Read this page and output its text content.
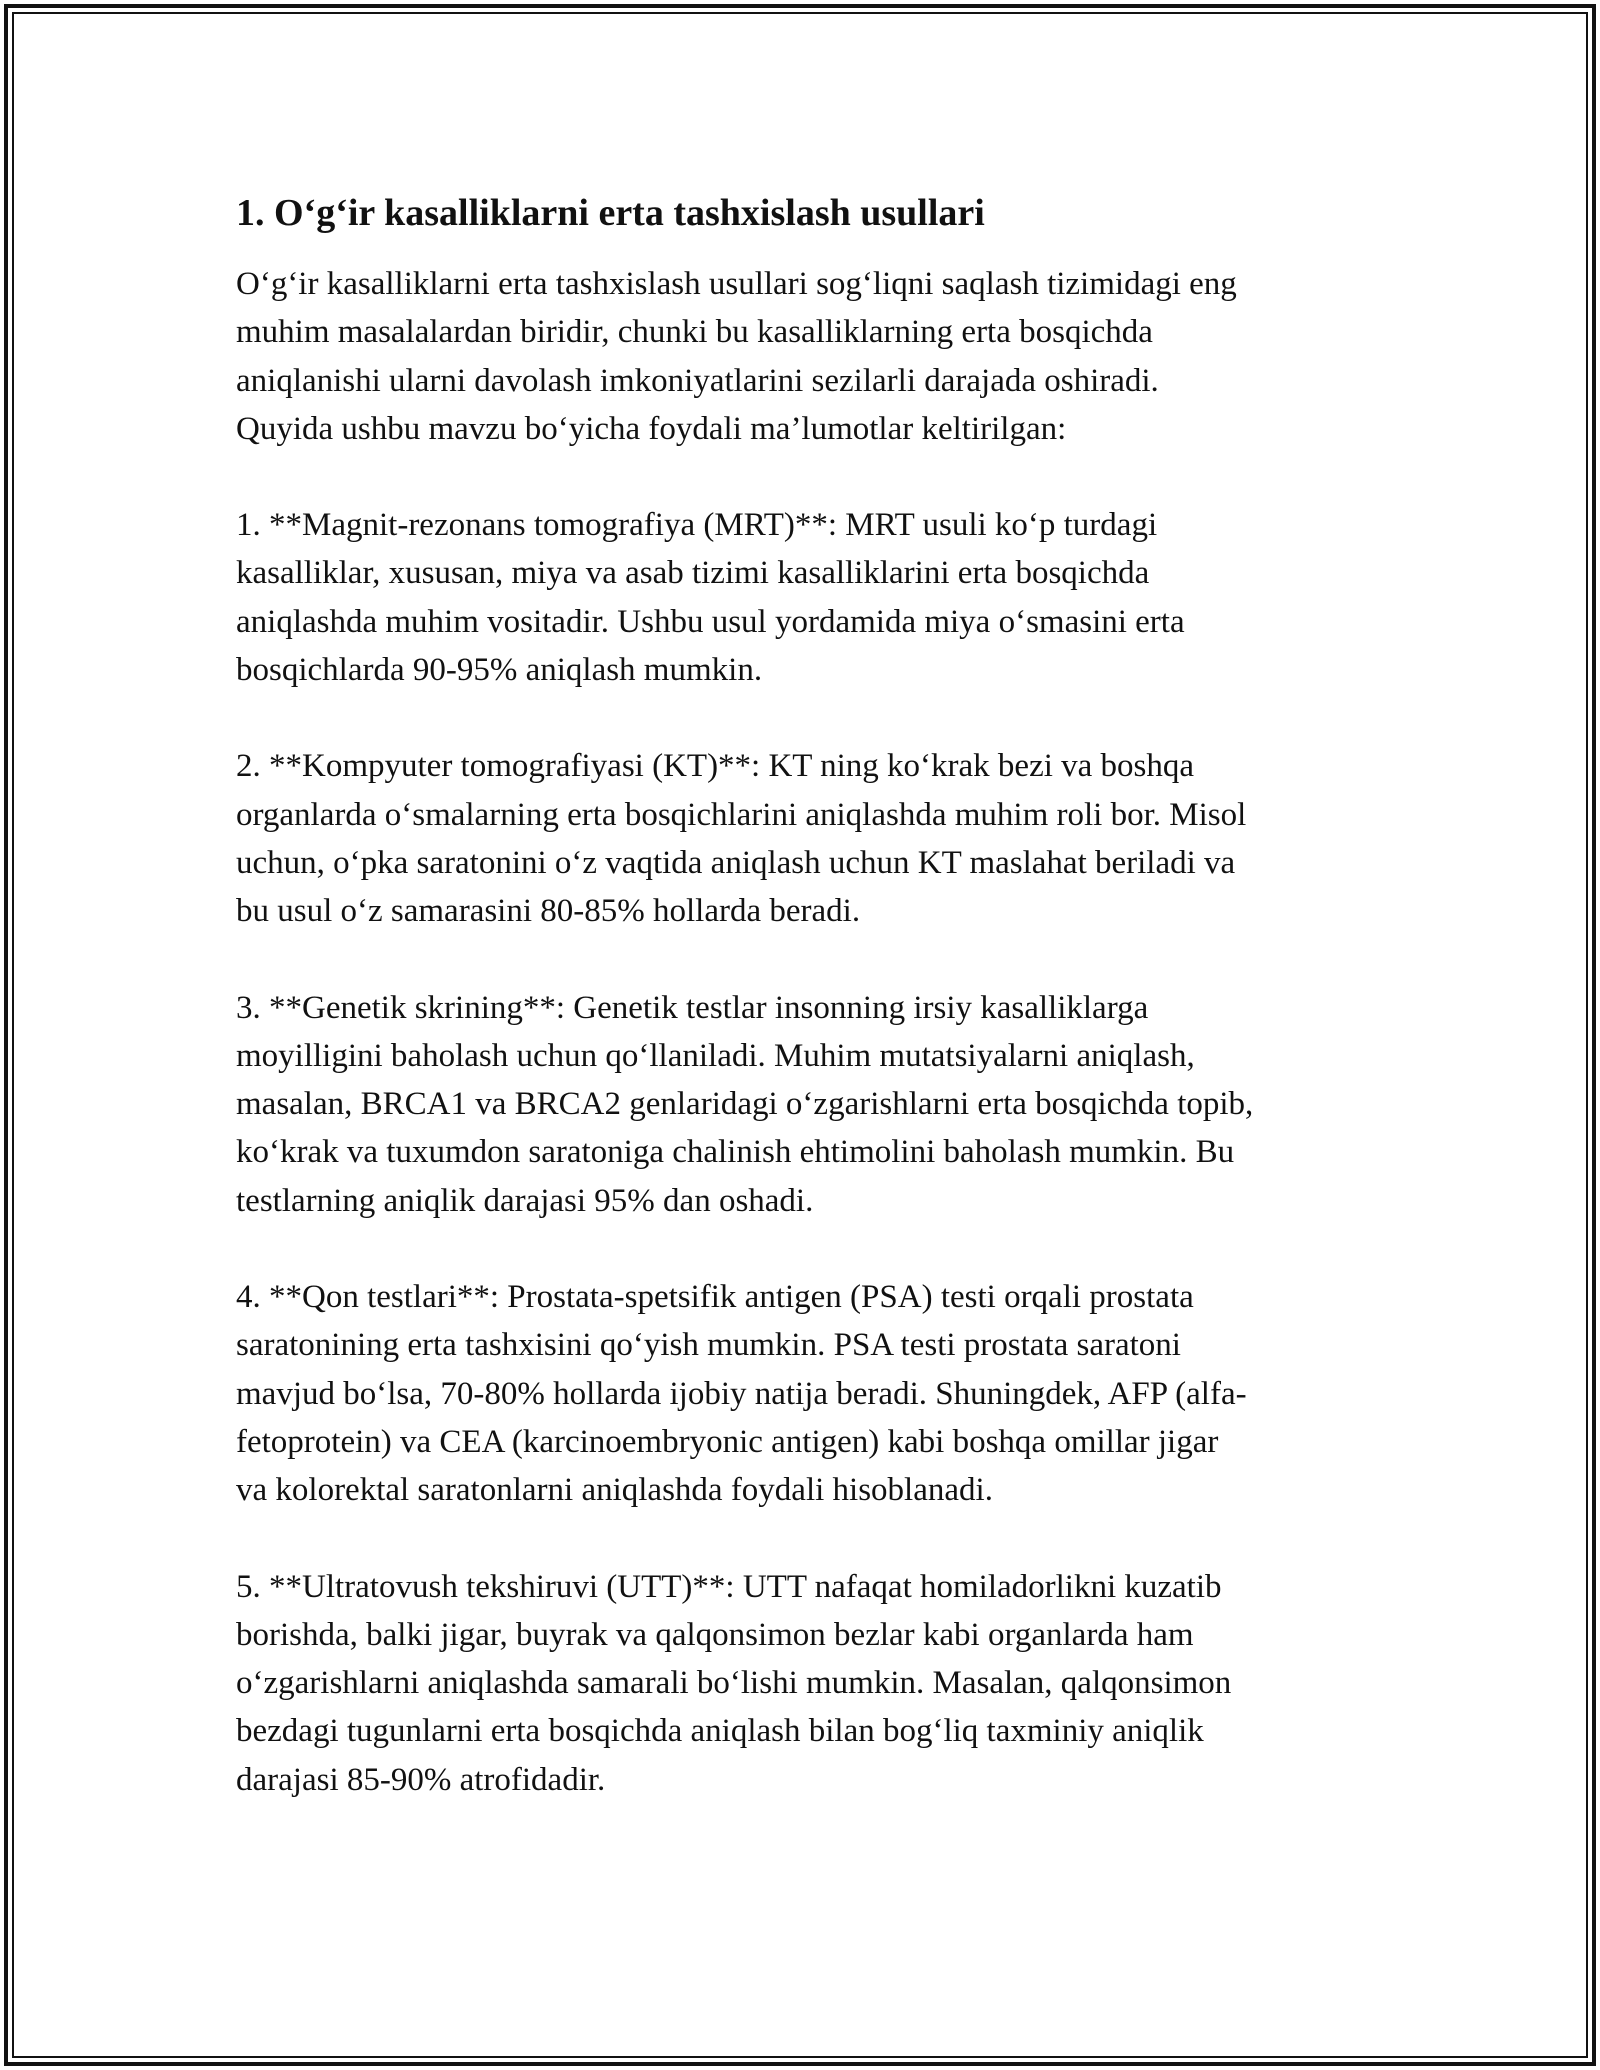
1. O‘g‘ir kasalliklarni erta tashxislash usullari

O‘g‘ir kasalliklarni erta tashxislash usullari sog‘liqni saqlash tizimidagi eng
muhim masalalardan biridir, chunki bu kasalliklarning erta bosqichda
aniqlanishi ularni davolash imkoniyatlarini sezilarli darajada oshiradi.
Quyida ushbu mavzu bo‘yicha foydali ma’lumotlar keltirilgan:

1. **Magnit-rezonans tomografiya (MRT)**: MRT usuli ko‘p turdagi
kasalliklar, xususan, miya va asab tizimi kasalliklarini erta bosqichda
aniqlashda muhim vositadir. Ushbu usul yordamida miya o‘smasini erta
bosqichlarda 90-95% aniqlash mumkin.

2. **Kompyuter tomografiyasi (KT)**: KT ning ko‘krak bezi va boshqa
organlarda o‘smalarning erta bosqichlarini aniqlashda muhim roli bor. Misol
uchun, o‘pka saratonini o‘z vaqtida aniqlash uchun KT maslahat beriladi va
bu usul o‘z samarasini 80-85% hollarda beradi.

3. **Genetik skrining**: Genetik testlar insonning irsiy kasalliklarga
moyilligini baholash uchun qo‘llaniladi. Muhim mutatsiyalarni aniqlash,
masalan, BRCA1 va BRCA2 genlaridagi o‘zgarishlarni erta bosqichda topib,
ko‘krak va tuxumdon saratoniga chalinish ehtimolini baholash mumkin. Bu
testlarning aniqlik darajasi 95% dan oshadi.

4. **Qon testlari**: Prostata-spetsifik antigen (PSA) testi orqali prostata
saratonining erta tashxisini qo‘yish mumkin. PSA testi prostata saratoni
mavjud bo‘lsa, 70-80% hollarda ijobiy natija beradi. Shuningdek, AFP (alfa-
fetoprotein) va CEA (karcinoembryonic antigen) kabi boshqa omillar jigar
va kolorektal saratonlarni aniqlashda foydali hisoblanadi.

5. **Ultratovush tekshiruvi (UTT)**: UTT nafaqat homiladorlikni kuzatib
borishda, balki jigar, buyrak va qalqonsimon bezlar kabi organlarda ham
o‘zgarishlarni aniqlashda samarali bo‘lishi mumkin. Masalan, qalqonsimon
bezdagi tugunlarni erta bosqichda aniqlash bilan bog‘liq taxminiy aniqlik
darajasi 85-90% atrofidadir.
